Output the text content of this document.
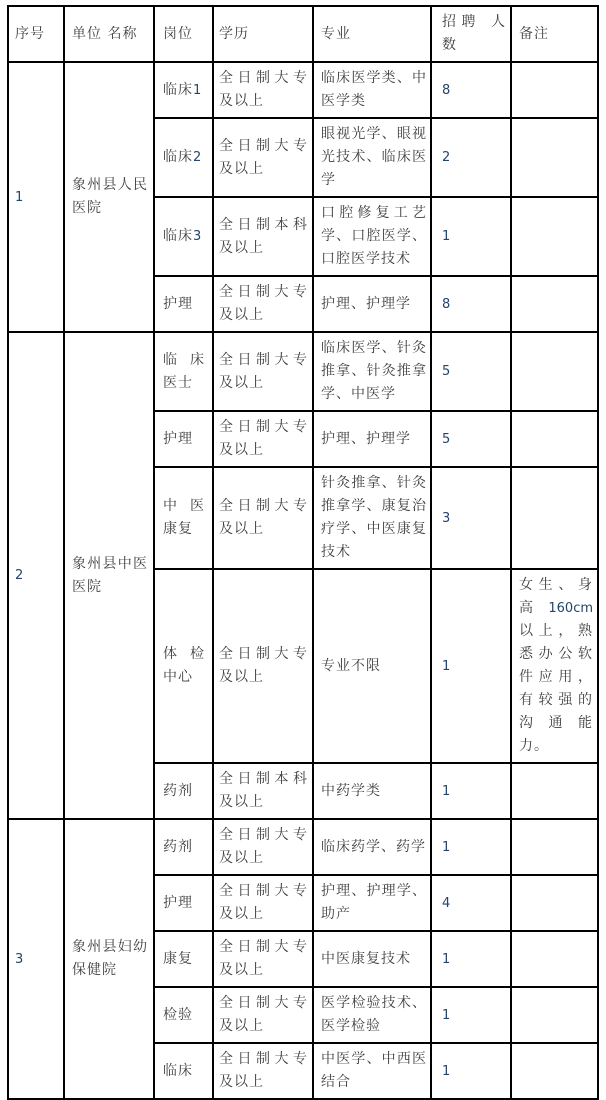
序号	单位 名称	岗位	学历	专业	招聘 人数	备注
1	象州县人民医院	临床1	全日制大专及以上	临床医学类、中医学类	8	
		临床2	全日制大专及以上	眼视光学、眼视光技术、临床医学	2	
		临床3	全日制本科及以上	口腔修复工艺学、口腔医学、口腔医学技术	1	
		护理	全日制大专及以上	护理、护理学	8	
2	象州县中医医院	临床医士	全日制大专及以上	临床医学、针灸推拿、针灸推拿学、中医学	5	
		护理	全日制大专及以上	护理、护理学	5	
		中医康复	全日制大专及以上	针灸推拿、针灸推拿学、康复治疗学、中医康复技术	3	
		体检中心	全日制大专及以上	专业不限	1	女生、身高 160cm 以上，熟悉办公软件应用，有较强的沟通能力。
		药剂	全日制本科及以上	中药学类	1	
3	象州县妇幼保健院	药剂	全日制大专及以上	临床药学、药学	1	
		护理	全日制大专及以上	护理、护理学、助产	4	
		康复	全日制大专及以上	中医康复技术	1	
		检验	全日制大专及以上	医学检验技术、医学检验	1	
		临床	全日制大专及以上	中医学、中西医结合	1	
